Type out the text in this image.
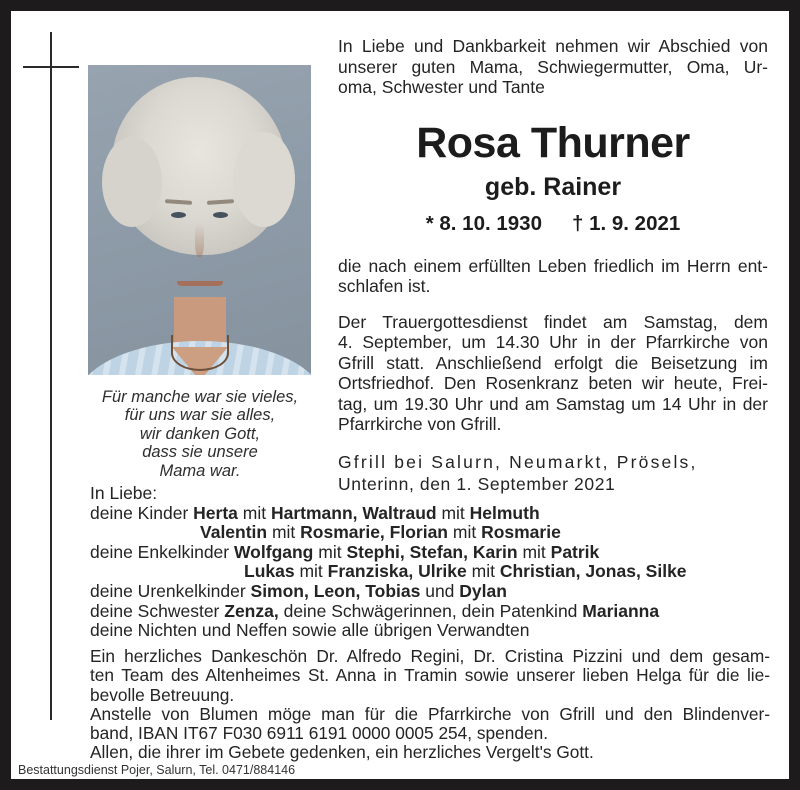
Für manche war sie vieles,
für uns war sie alles,
wir danken Gott,
dass sie unsere
Mama war.
In Liebe und Dankbarkeit nehmen wir Abschied von
unserer guten Mama, Schwiegermutter, Oma, Ur-
oma, Schwester und Tante
Rosa Thurner
geb. Rainer
* 8. 10. 1930 † 1. 9. 2021
die nach einem erfüllten Leben friedlich im Herrn ent-
schlafen ist.
Der Trauergottesdienst findet am Samstag, dem
4. September, um 14.30 Uhr in der Pfarrkirche von
Gfrill statt. Anschließend erfolgt die Beisetzung im
Ortsfriedhof. Den Rosenkranz beten wir heute, Frei-
tag, um 19.30 Uhr und am Samstag um 14 Uhr in der
Pfarrkirche von Gfrill.
Gfrill bei Salurn, Neumarkt, Prösels,
Unterinn, den 1. September 2021
In Liebe:
deine Kinder Herta mit Hartmann, Waltraud mit Helmuth
Valentin mit Rosmarie, Florian mit Rosmarie
deine Enkelkinder Wolfgang mit Stephi, Stefan, Karin mit Patrik
Lukas mit Franziska, Ulrike mit Christian, Jonas, Silke
deine Urenkelkinder Simon, Leon, Tobias und Dylan
deine Schwester Zenza, deine Schwägerinnen, dein Patenkind Marianna
deine Nichten und Neffen sowie alle übrigen Verwandten
Ein herzliches Dankeschön Dr. Alfredo Regini, Dr. Cristina Pizzini und dem gesam-
ten Team des Altenheimes St. Anna in Tramin sowie unserer lieben Helga für die lie-
bevolle Betreuung.
Anstelle von Blumen möge man für die Pfarrkirche von Gfrill und den Blindenver-
band, IBAN IT67 F030 6911 6191 0000 0005 254, spenden.
Allen, die ihrer im Gebete gedenken, ein herzliches Vergelt's Gott.
Bestattungsdienst Pojer, Salurn, Tel. 0471/884146
